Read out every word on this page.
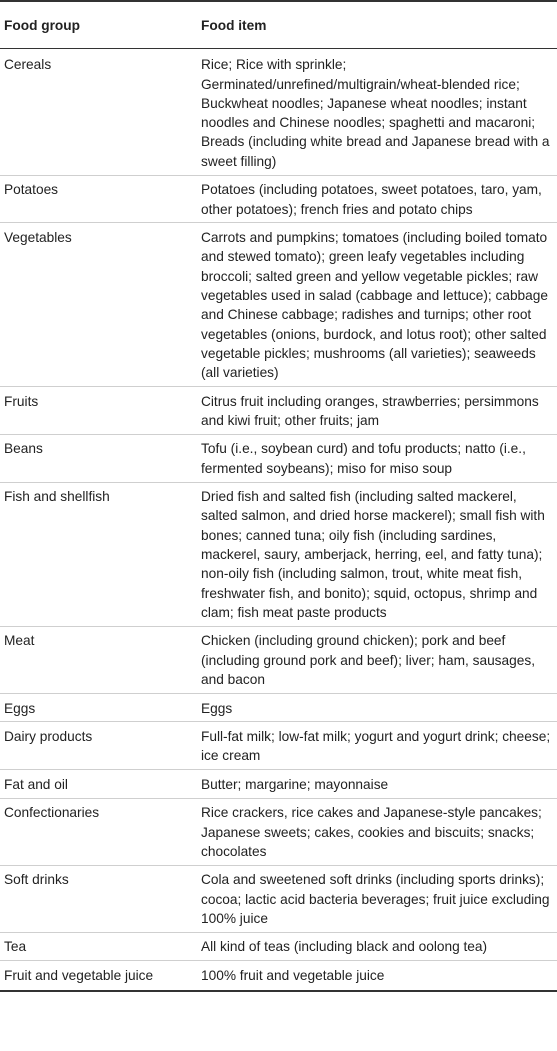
Food group	Food item
Cereals	Rice; Rice with sprinkle; Germinated/unrefined/multigrain/wheat-blended rice; Buckwheat noodles; Japanese wheat noodles; instant noodles and Chinese noodles; spaghetti and macaroni; Breads (including white bread and Japanese bread with a sweet filling)
Potatoes	Potatoes (including potatoes, sweet potatoes, taro, yam, other potatoes); french fries and potato chips
Vegetables	Carrots and pumpkins; tomatoes (including boiled tomato and stewed tomato); green leafy vegetables including broccoli; salted green and yellow vegetable pickles; raw vegetables used in salad (cabbage and lettuce); cabbage and Chinese cabbage; radishes and turnips; other root vegetables (onions, burdock, and lotus root); other salted vegetable pickles; mushrooms (all varieties); seaweeds (all varieties)
Fruits	Citrus fruit including oranges, strawberries; persimmons and kiwi fruit; other fruits; jam
Beans	Tofu (i.e., soybean curd) and tofu products; natto (i.e., fermented soybeans); miso for miso soup
Fish and shellfish	Dried fish and salted fish (including salted mackerel, salted salmon, and dried horse mackerel); small fish with bones; canned tuna; oily fish (including sardines, mackerel, saury, amberjack, herring, eel, and fatty tuna); non-oily fish (including salmon, trout, white meat fish, freshwater fish, and bonito); squid, octopus, shrimp and clam; fish meat paste products
Meat	Chicken (including ground chicken); pork and beef (including ground pork and beef); liver; ham, sausages, and bacon
Eggs	Eggs
Dairy products	Full-fat milk; low-fat milk; yogurt and yogurt drink; cheese; ice cream
Fat and oil	Butter; margarine; mayonnaise
Confectionaries	Rice crackers, rice cakes and Japanese-style pancakes; Japanese sweets; cakes, cookies and biscuits; snacks; chocolates
Soft drinks	Cola and sweetened soft drinks (including sports drinks); cocoa; lactic acid bacteria beverages; fruit juice excluding 100% juice
Tea	All kind of teas (including black and oolong tea)
Fruit and vegetable juice	100% fruit and vegetable juice
